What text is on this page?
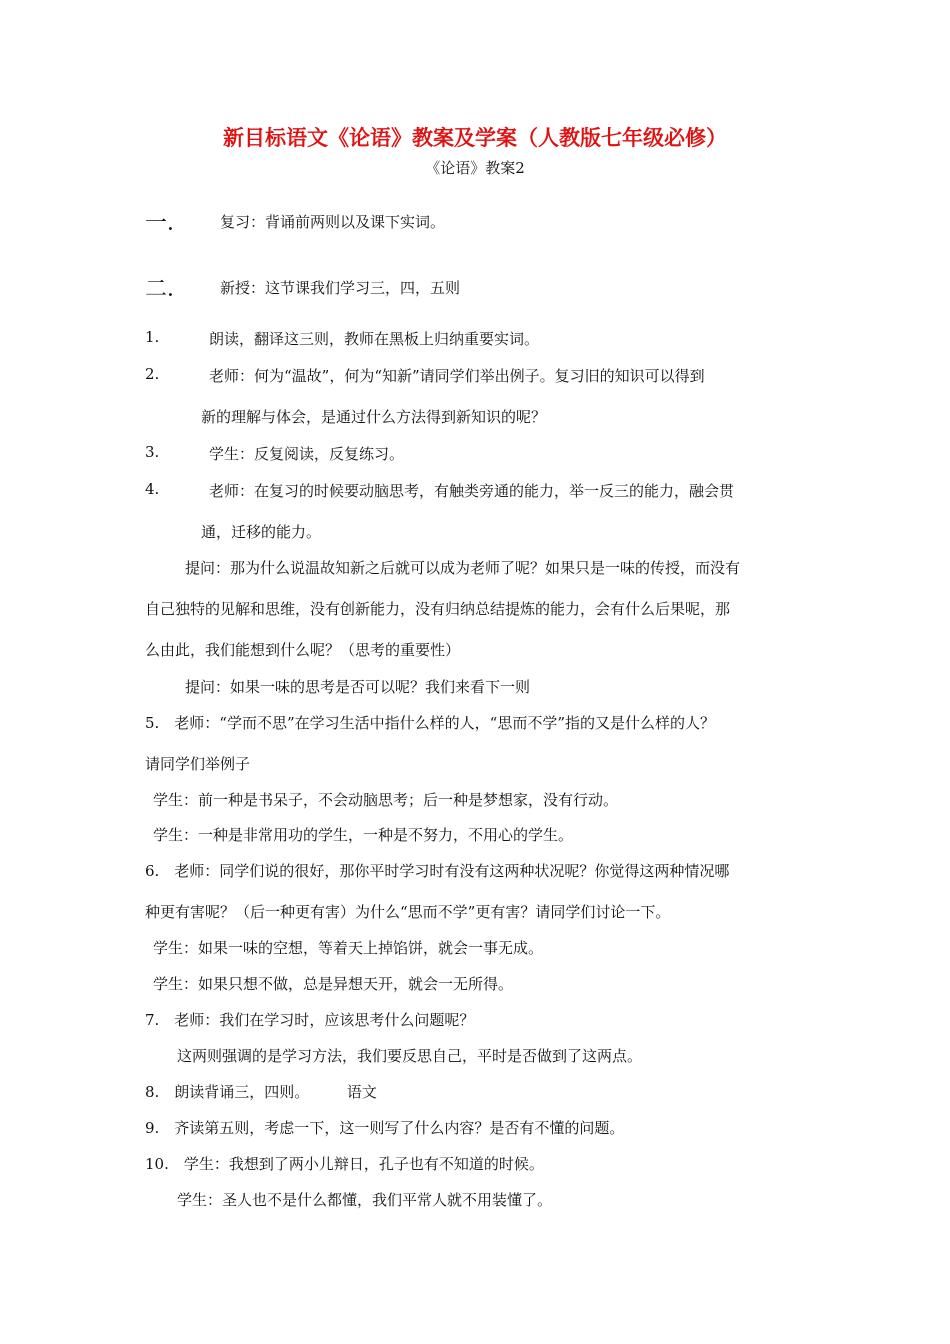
新目标语文《论语》教案及学案（人教版七年级必修）
《论语》教案2
一． 复习：背诵前两则以及课下实词。
二． 新授：这节课我们学习三，四，五则
1.	朗读，翻译这三则，教师在黑板上归纳重要实词。
2.	老师：何为“温故”，何为“知新”请同学们举出例子。复习旧的知识可以得到
新的理解与体会，是通过什么方法得到新知识的呢？
3.	学生：反复阅读，反复练习。
4.	老师：在复习的时候要动脑思考，有触类旁通的能力，举一反三的能力，融会贯
通，迁移的能力。
提问：那为什么说温故知新之后就可以成为老师了呢？如果只是一味的传授，而没有
自己独特的见解和思维，没有创新能力，没有归纳总结提炼的能力，会有什么后果呢，那
么由此，我们能想到什么呢？（思考的重要性）
提问：如果一味的思考是否可以呢？我们来看下一则
5.　老师：“学而不思”在学习生活中指什么样的人，“思而不学”指的又是什么样的人？
请同学们举例子
学生：前一种是书呆子，不会动脑思考；后一种是梦想家，没有行动。
学生：一种是非常用功的学生，一种是不努力，不用心的学生。
6.　老师：同学们说的很好，那你平时学习时有没有这两种状况呢？你觉得这两种情况哪
种更有害呢？（后一种更有害）为什么“思而不学”更有害？请同学们讨论一下。
学生：如果一味的空想，等着天上掉馅饼，就会一事无成。
学生：如果只想不做，总是异想天开，就会一无所得。
7.　老师：我们在学习时，应该思考什么问题呢？
这两则强调的是学习方法，我们要反思自己，平时是否做到了这两点。
8.　朗读背诵三，四则。　　　语文
9.　齐读第五则，考虑一下，这一则写了什么内容？是否有不懂的问题。
10.　学生：我想到了两小儿辩日，孔子也有不知道的时候。
学生：圣人也不是什么都懂，我们平常人就不用装懂了。
